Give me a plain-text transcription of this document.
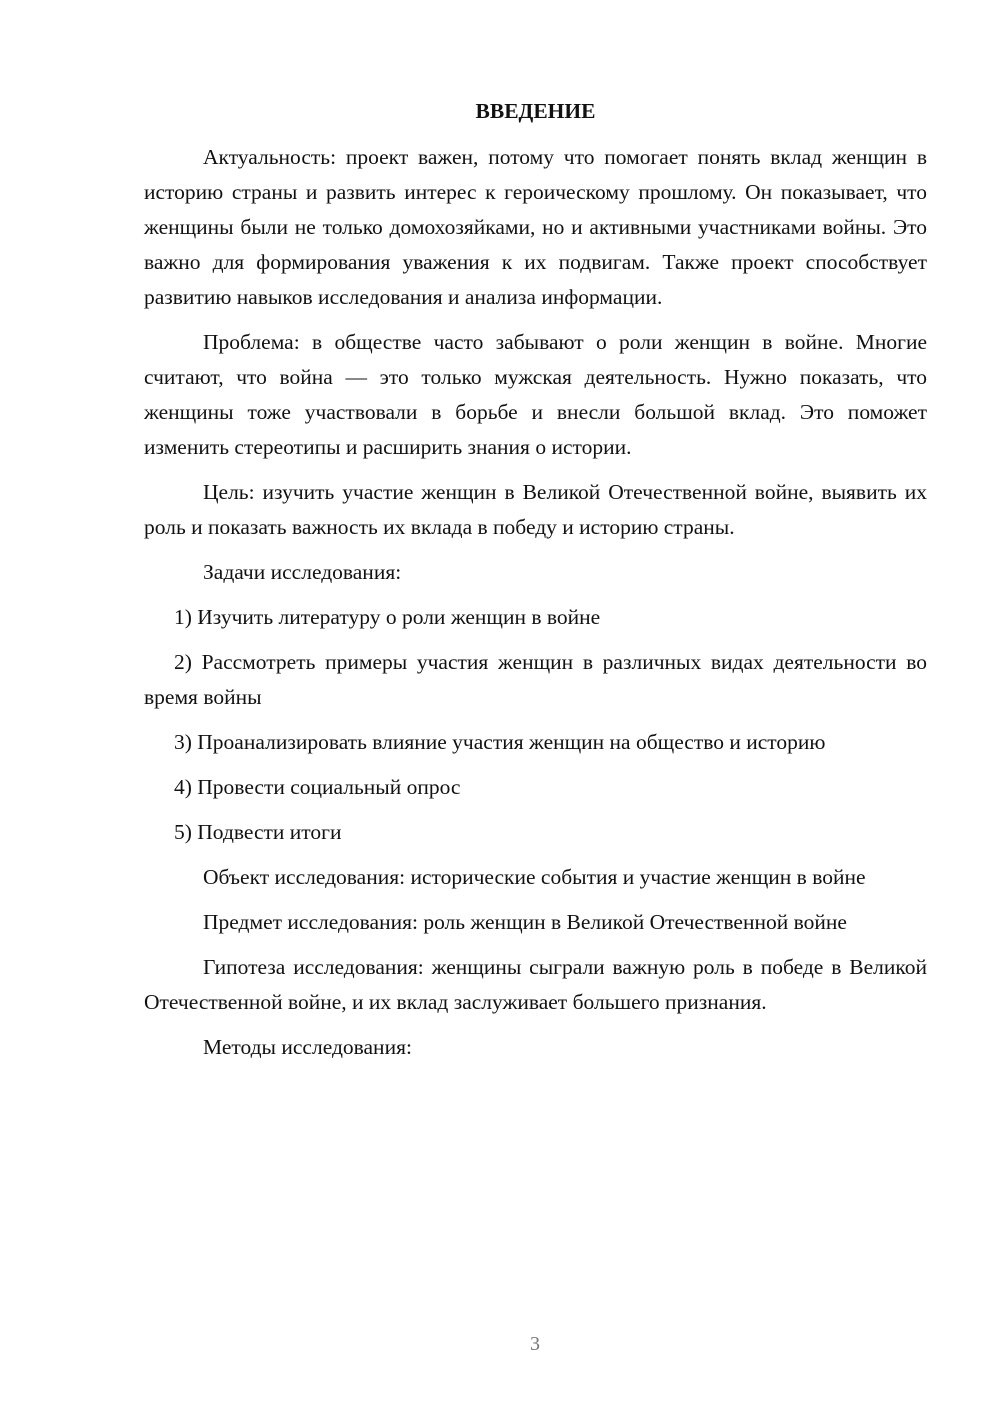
ВВЕДЕНИЕ

Актуальность: проект важен, потому что помогает понять вклад женщин в историю страны и развить интерес к героическому прошлому. Он показывает, что женщины были не только домохозяйками, но и активными участниками войны. Это важно для формирования уважения к их подвигам. Также проект способствует развитию навыков исследования и анализа информации.

Проблема: в обществе часто забывают о роли женщин в войне. Многие считают, что война — это только мужская деятельность. Нужно показать, что женщины тоже участвовали в борьбе и внесли большой вклад. Это поможет изменить стереотипы и расширить знания о истории.

Цель: изучить участие женщин в Великой Отечественной войне, выявить их роль и показать важность их вклада в победу и историю страны.

Задачи исследования:

1) Изучить литературу о роли женщин в войне

2) Рассмотреть примеры участия женщин в различных видах деятельности во время войны

3) Проанализировать влияние участия женщин на общество и историю

4) Провести социальный опрос

5) Подвести итоги

Объект исследования: исторические события и участие женщин в войне

Предмет исследования: роль женщин в Великой Отечественной войне

Гипотеза исследования: женщины сыграли важную роль в победе в Великой Отечественной войне, и их вклад заслуживает большего признания.

Методы исследования:

3
